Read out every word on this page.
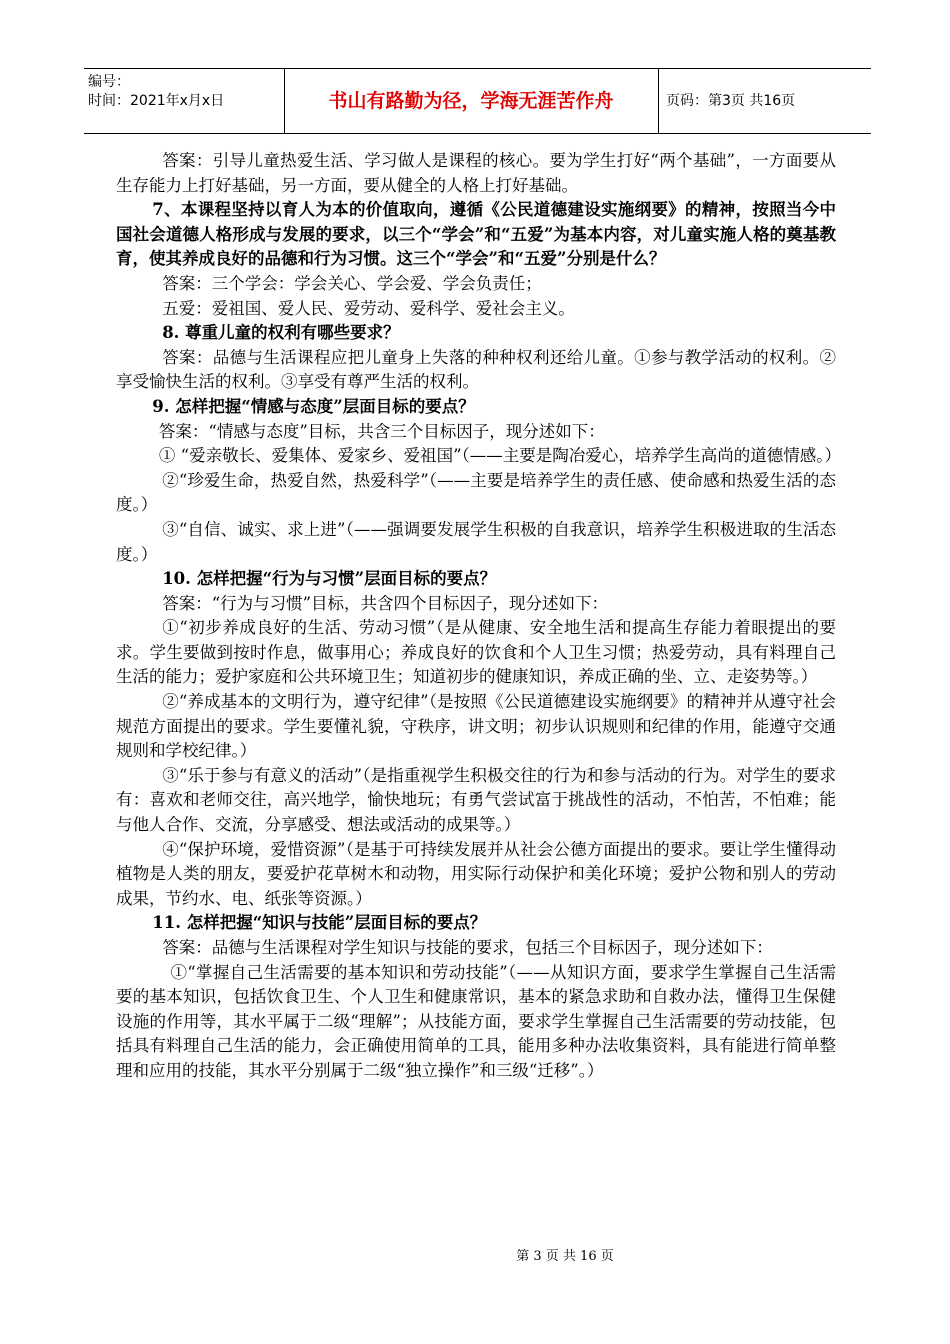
编号：
时间：2021年x月x日	书山有路勤为径，学海无涯苦作舟	页码：第3页 共16页

答案：引导儿童热爱生活、学习做人是课程的核心。要为学生打好“两个基础”，一方面要从生存能力上打好基础，另一方面，要从健全的人格上打好基础。

7、本课程坚持以育人为本的价值取向，遵循《公民道德建设实施纲要》的精神，按照当今中国社会道德人格形成与发展的要求，以三个“学会”和“五爱”为基本内容，对儿童实施人格的奠基教育，使其养成良好的品德和行为习惯。这三个“学会”和“五爱”分别是什么？

答案：三个学会：学会关心、学会爱、学会负责任；

五爱：爱祖国、爱人民、爱劳动、爱科学、爱社会主义。

8. 尊重儿童的权利有哪些要求？

答案：品德与生活课程应把儿童身上失落的种种权利还给儿童。①参与教学活动的权利。②享受愉快生活的权利。③享受有尊严生活的权利。

9. 怎样把握“情感与态度”层面目标的要点？

答案：“情感与态度”目标，共含三个目标因子，现分述如下：

① “爱亲敬长、爱集体、爱家乡、爱祖国”（——主要是陶冶爱心，培养学生高尚的道德情感。）

②“珍爱生命，热爱自然，热爱科学”（——主要是培养学生的责任感、使命感和热爱生活的态度。）

③“自信、诚实、求上进”（——强调要发展学生积极的自我意识，培养学生积极进取的生活态度。）

10. 怎样把握“行为与习惯”层面目标的要点？

答案：“行为与习惯”目标，共含四个目标因子，现分述如下：

①“初步养成良好的生活、劳动习惯”（是从健康、安全地生活和提高生存能力着眼提出的要求。学生要做到按时作息，做事用心；养成良好的饮食和个人卫生习惯；热爱劳动，具有料理自己生活的能力；爱护家庭和公共环境卫生；知道初步的健康知识，养成正确的坐、立、走姿势等。）

②“养成基本的文明行为，遵守纪律”（是按照《公民道德建设实施纲要》的精神并从遵守社会规范方面提出的要求。学生要懂礼貌，守秩序，讲文明；初步认识规则和纪律的作用，能遵守交通规则和学校纪律。）

③“乐于参与有意义的活动”（是指重视学生积极交往的行为和参与活动的行为。对学生的要求有：喜欢和老师交往，高兴地学，愉快地玩；有勇气尝试富于挑战性的活动，不怕苦，不怕难；能与他人合作、交流，分享感受、想法或活动的成果等。）

④“保护环境，爱惜资源”（是基于可持续发展并从社会公德方面提出的要求。要让学生懂得动植物是人类的朋友，要爱护花草树木和动物，用实际行动保护和美化环境；爱护公物和别人的劳动成果，节约水、电、纸张等资源。）

11. 怎样把握“知识与技能”层面目标的要点？

答案：品德与生活课程对学生知识与技能的要求，包括三个目标因子，现分述如下：

①“掌握自己生活需要的基本知识和劳动技能”（——从知识方面，要求学生掌握自己生活需要的基本知识，包括饮食卫生、个人卫生和健康常识，基本的紧急求助和自救办法，懂得卫生保健设施的作用等，其水平属于二级“理解”；从技能方面，要求学生掌握自己生活需要的劳动技能，包括具有料理自己生活的能力，会正确使用简单的工具，能用多种办法收集资料，具有能进行简单整理和应用的技能，其水平分别属于二级“独立操作”和三级“迁移”。）

第 3 页 共 16 页
